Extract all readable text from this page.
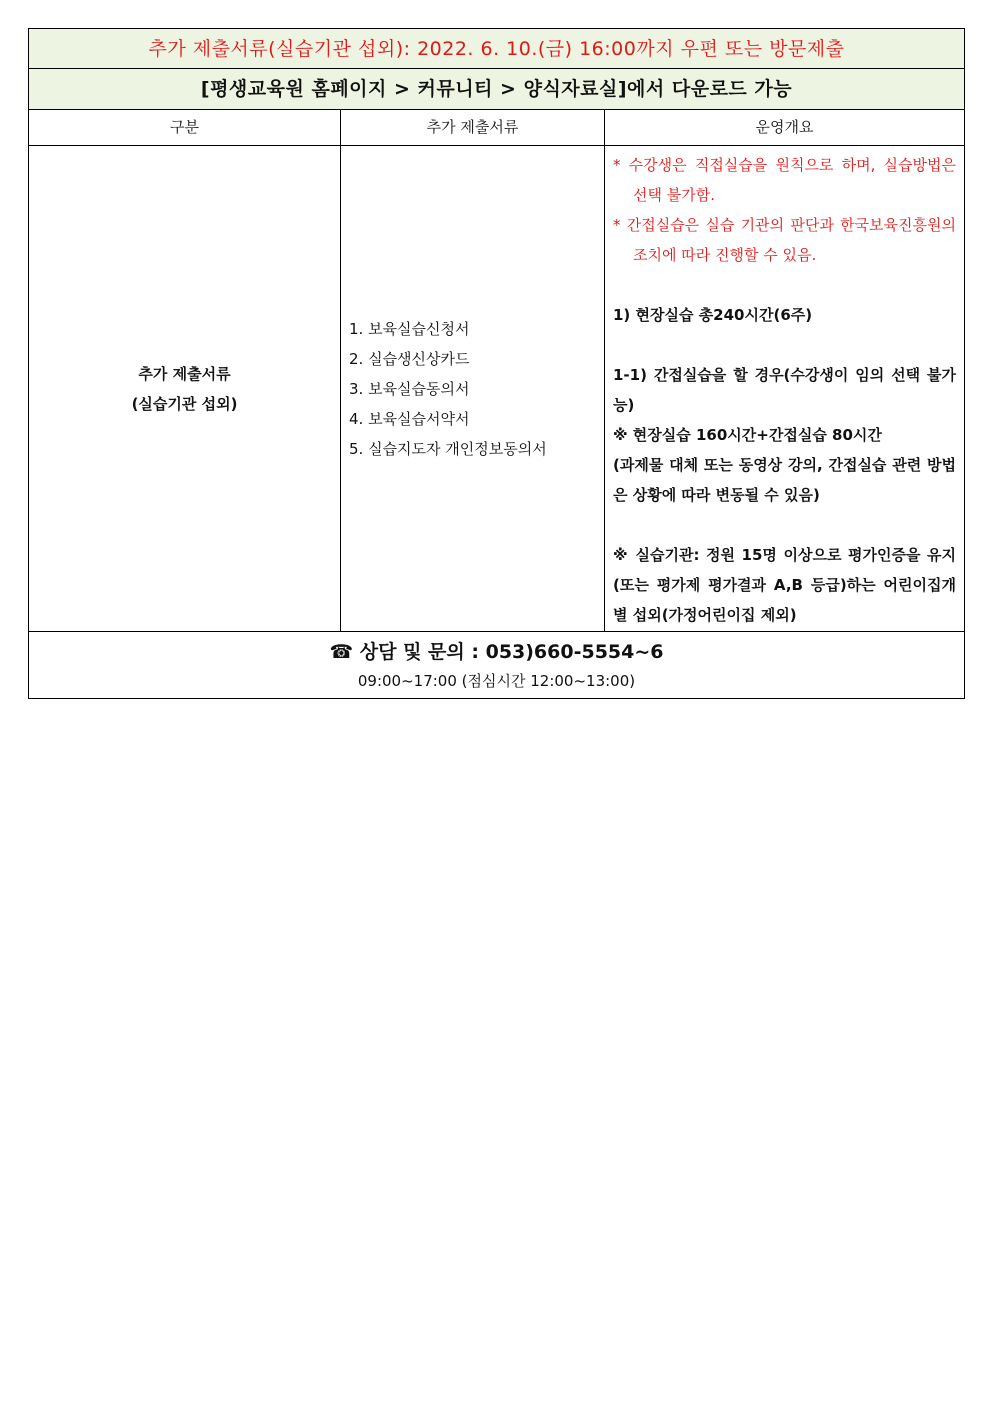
추가 제출서류(실습기관 섭외): 2022. 6. 10.(금) 16:00까지 우편 또는 방문제출
[평생교육원 홈페이지 > 커뮤니티 > 양식자료실]에서 다운로드 가능
구분	추가 제출서류	운영개요
추가 제출서류
(실습기관 섭외)
1. 보육실습신청서
2. 실습생신상카드
3. 보육실습동의서
4. 보육실습서약서
5. 실습지도자 개인정보동의서
* 수강생은 직접실습을 원칙으로 하며, 실습방법은 선택 불가함.
* 간접실습은 실습 기관의 판단과 한국보육진흥원의 조치에 따라 진행할 수 있음.
1) 현장실습 총240시간(6주)
1-1) 간접실습을 할 경우(수강생이 임의 선택 불가능)
※ 현장실습 160시간+간접실습 80시간
(과제물 대체 또는 동영상 강의, 간접실습 관련 방법은 상황에 따라 변동될 수 있음)
※ 실습기관: 정원 15명 이상으로 평가인증을 유지(또는 평가제 평가결과 A,B 등급)하는 어린이집개별 섭외(가정어린이집 제외)
☎ 상담 및 문의 : 053)660-5554~6
09:00~17:00 (점심시간 12:00~13:00)
